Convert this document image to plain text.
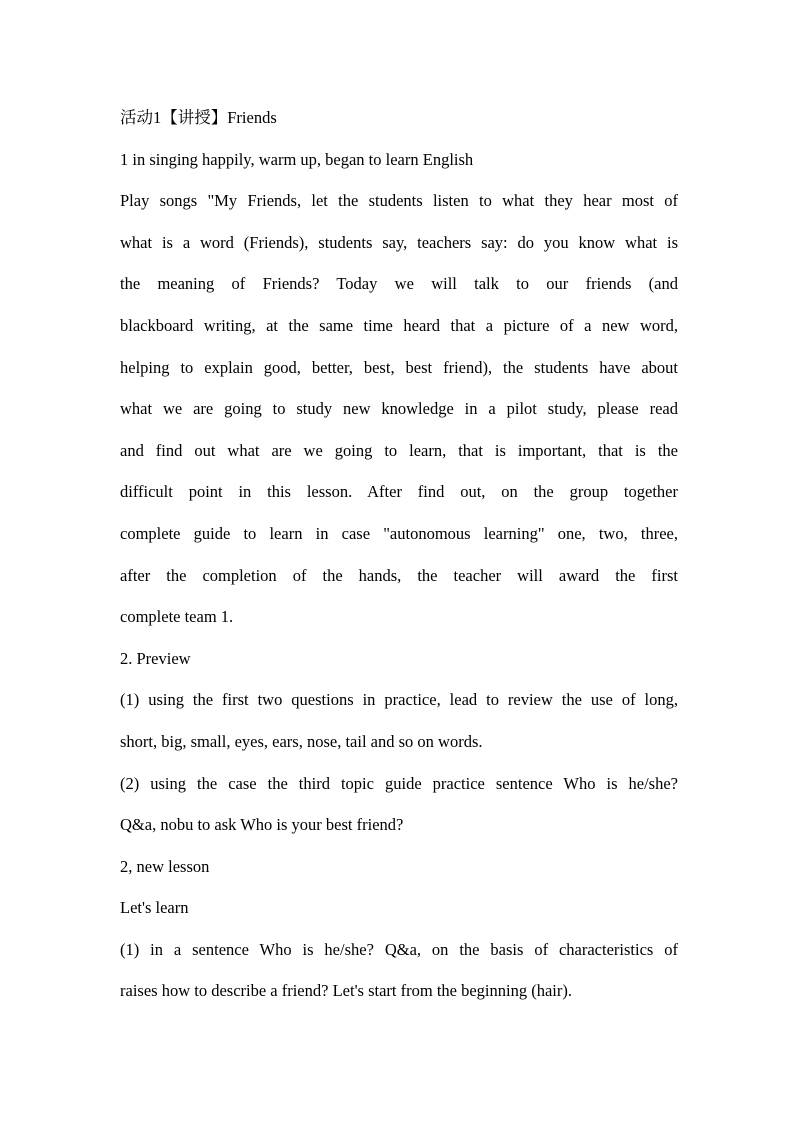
活动1【讲授】Friends
1 in singing happily, warm up, began to learn English
Play songs "My Friends, let the students listen to what they hear most of
what is a word (Friends), students say, teachers say: do you know what is
the meaning of Friends? Today we will talk to our friends (and
blackboard writing, at the same time heard that a picture of a new word,
helping to explain good, better, best, best friend), the students have about
what we are going to study new knowledge in a pilot study, please read
and find out what are we going to learn, that is important, that is the
difficult point in this lesson. After find out, on the group together
complete guide to learn in case "autonomous learning" one, two, three,
after the completion of the hands, the teacher will award the first
complete team 1.
2. Preview
(1) using the first two questions in practice, lead to review the use of long,
short, big, small, eyes, ears, nose, tail and so on words.
(2) using the case the third topic guide practice sentence Who is he/she?
Q&a, nobu to ask Who is your best friend?
2, new lesson
Let's learn
(1) in a sentence Who is he/she? Q&a, on the basis of characteristics of
raises how to describe a friend? Let's start from the beginning (hair).
